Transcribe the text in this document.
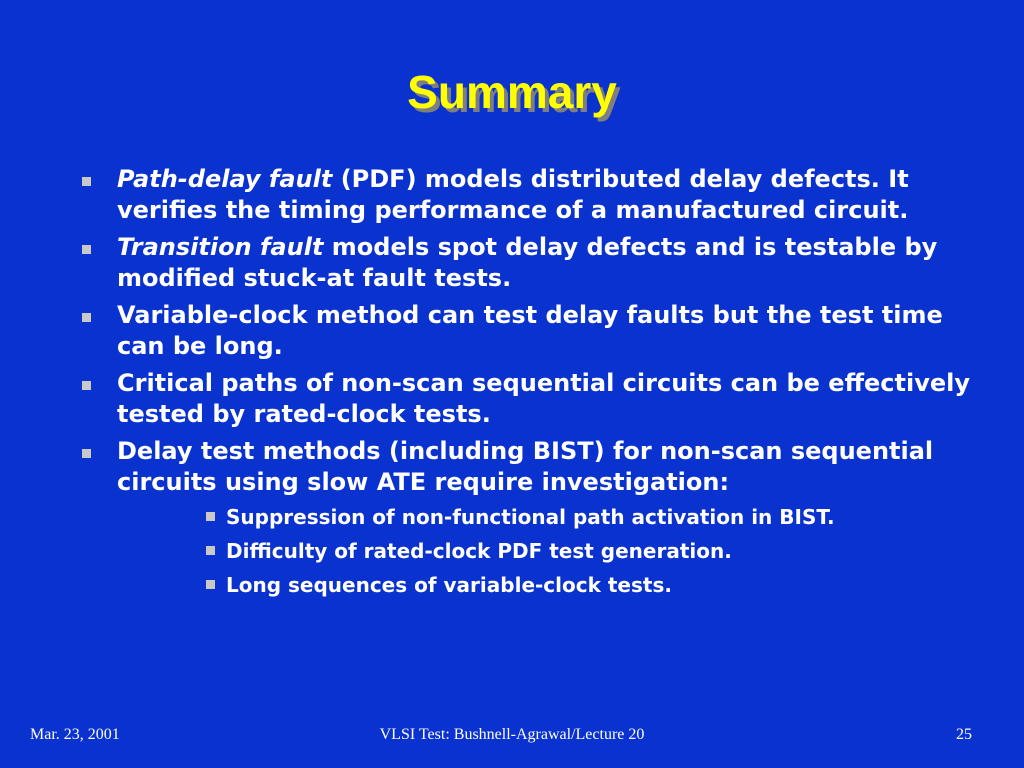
Summary
Path-delay fault (PDF) models distributed delay defects. It verifies the timing performance of a manufactured circuit.
Transition fault models spot delay defects and is testable by modified stuck-at fault tests.
Variable-clock method can test delay faults but the test time can be long.
Critical paths of non-scan sequential circuits can be effectively tested by rated-clock tests.
Delay test methods (including BIST) for non-scan sequential circuits using slow ATE require investigation:
Suppression of non-functional path activation in BIST.
Difficulty of rated-clock PDF test generation.
Long sequences of variable-clock tests.
Mar. 23, 2001	VLSI Test: Bushnell-Agrawal/Lecture 20	25
